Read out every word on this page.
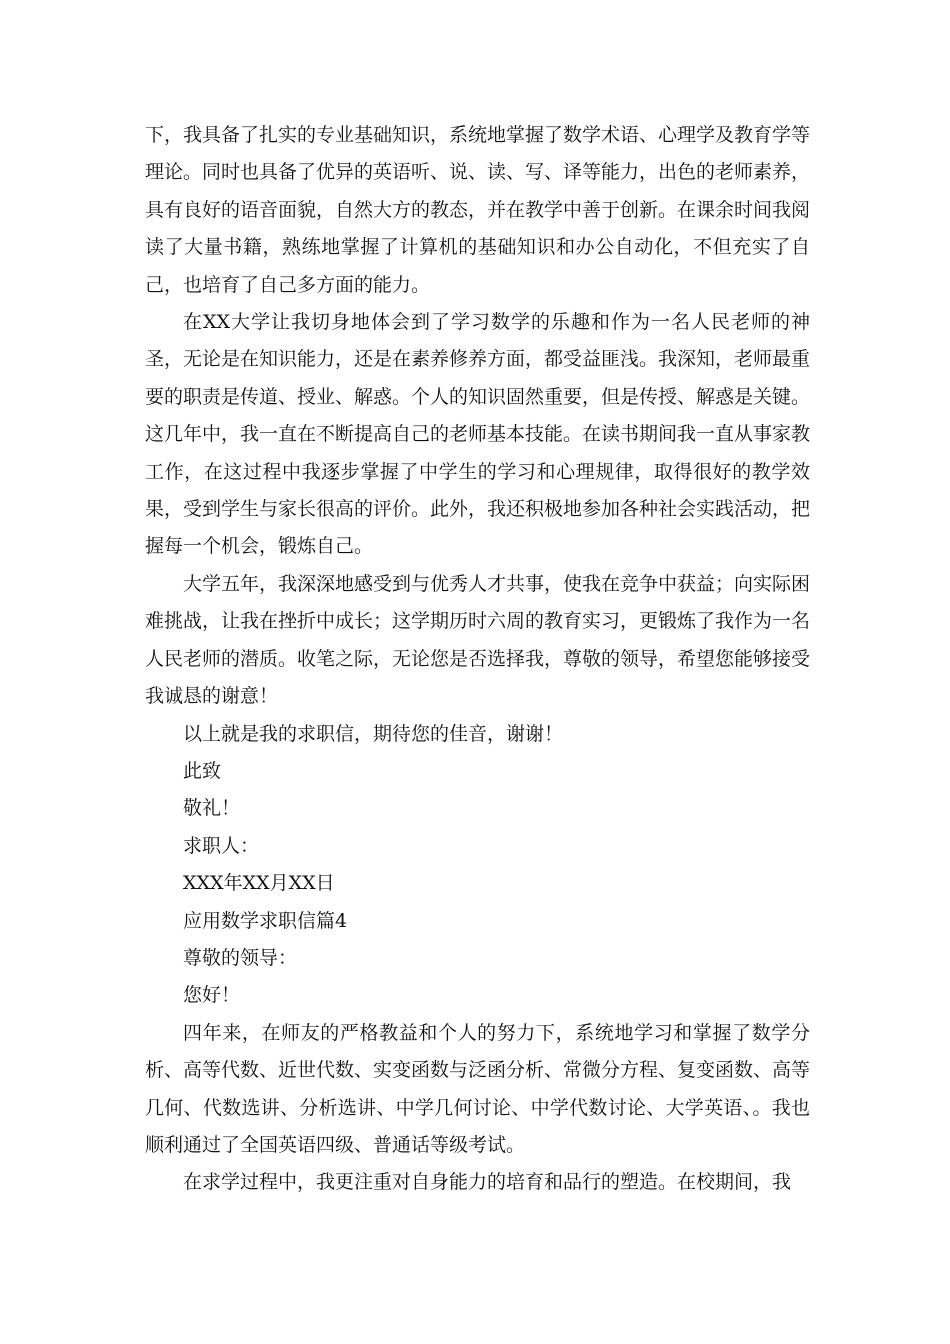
下，我具备了扎实的专业基础知识，系统地掌握了数学术语、心理学及教育学等理论。同时也具备了优异的英语听、说、读、写、译等能力，出色的老师素养，具有良好的语音面貌，自然大方的教态，并在教学中善于创新。在课余时间我阅读了大量书籍，熟练地掌握了计算机的基础知识和办公自动化，不但充实了自己，也培育了自己多方面的能力。

在XX大学让我切身地体会到了学习数学的乐趣和作为一名人民老师的神圣，无论是在知识能力，还是在素养修养方面，都受益匪浅。我深知，老师最重要的职责是传道、授业、解惑。个人的知识固然重要，但是传授、解惑是关键。这几年中，我一直在不断提高自己的老师基本技能。在读书期间我一直从事家教工作，在这过程中我逐步掌握了中学生的学习和心理规律，取得很好的教学效果，受到学生与家长很高的评价。此外，我还积极地参加各种社会实践活动，把握每一个机会，锻炼自己。

大学五年，我深深地感受到与优秀人才共事，使我在竞争中获益；向实际困难挑战，让我在挫折中成长；这学期历时六周的教育实习，更锻炼了我作为一名人民老师的潜质。收笔之际，无论您是否选择我，尊敬的领导，希望您能够接受我诚恳的谢意！

以上就是我的求职信，期待您的佳音，谢谢！

此致

敬礼！

求职人：

XXX年XX月XX日

应用数学求职信篇4

尊敬的领导：

您好！

四年来，在师友的严格教益和个人的努力下，系统地学习和掌握了数学分析、高等代数、近世代数、实变函数与泛函分析、常微分方程、复变函数、高等几何、代数选讲、分析选讲、中学几何讨论、中学代数讨论、大学英语、。我也顺利通过了全国英语四级、普通话等级考试。

在求学过程中，我更注重对自身能力的培育和品行的塑造。在校期间，我
